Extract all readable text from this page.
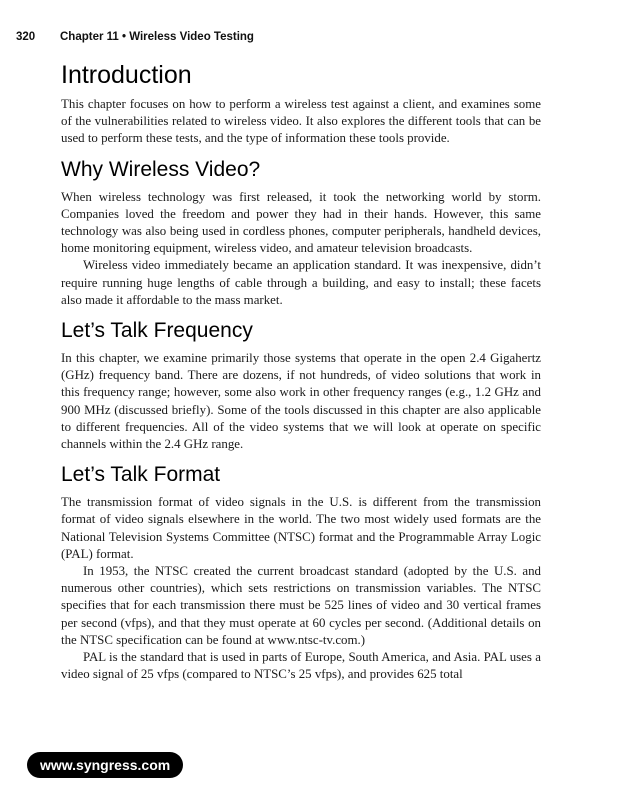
320 Chapter 11 • Wireless Video Testing
Introduction

This chapter focuses on how to perform a wireless test against a client, and examines some of the vulnerabilities related to wireless video. It also explores the different tools that can be used to perform these tests, and the type of information these tools provide.

Why Wireless Video?

When wireless technology was first released, it took the networking world by storm. Companies loved the freedom and power they had in their hands. However, this same technology was also being used in cordless phones, computer peripherals, handheld devices, home monitoring equipment, wireless video, and amateur television broadcasts.

Wireless video immediately became an application standard. It was inexpensive, didn’t require running huge lengths of cable through a building, and easy to install; these facets also made it affordable to the mass market.

Let’s Talk Frequency

In this chapter, we examine primarily those systems that operate in the open 2.4 Gigahertz (GHz) frequency band. There are dozens, if not hundreds, of video solutions that work in this frequency range; however, some also work in other frequency ranges (e.g., 1.2 GHz and 900 MHz (discussed briefly). Some of the tools discussed in this chapter are also applicable to different frequencies. All of the video systems that we will look at operate on specific channels within the 2.4 GHz range.

Let’s Talk Format

The transmission format of video signals in the U.S. is different from the transmission format of video signals elsewhere in the world. The two most widely used formats are the National Television Systems Committee (NTSC) format and the Programmable Array Logic (PAL) format.

In 1953, the NTSC created the current broadcast standard (adopted by the U.S. and numerous other countries), which sets restrictions on transmission variables. The NTSC specifies that for each transmission there must be 525 lines of video and 30 vertical frames per second (vfps), and that they must operate at 60 cycles per second. (Additional details on the NTSC specification can be found at www.ntsc-tv.com.)

PAL is the standard that is used in parts of Europe, South America, and Asia. PAL uses a video signal of 25 vfps (compared to NTSC’s 25 vfps), and provides 625 total

www.syngress.com
